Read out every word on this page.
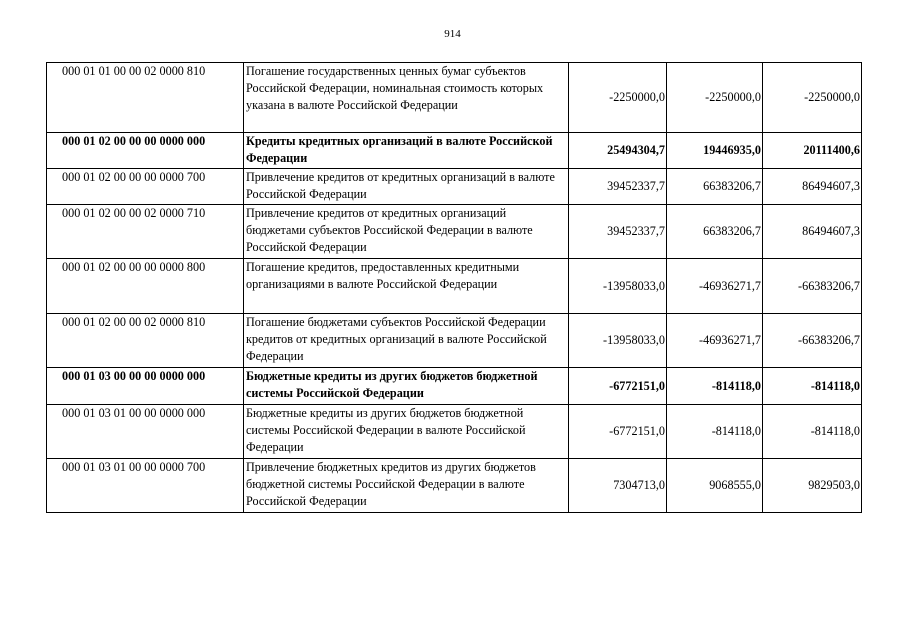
914
000 01 01 00 00 02 0000 810	Погашение государственных ценных бумаг субъектов Российской Федерации, номинальная стоимость которых указана в валюте Российской Федерации	-2250000,0	-2250000,0	-2250000,0
000 01 02 00 00 00 0000 000	Кредиты кредитных организаций в валюте Российской Федерации	25494304,7	19446935,0	20111400,6
000 01 02 00 00 00 0000 700	Привлечение кредитов от кредитных организаций в валюте Российской Федерации	39452337,7	66383206,7	86494607,3
000 01 02 00 00 02 0000 710	Привлечение кредитов от кредитных организаций бюджетами субъектов Российской Федерации в валюте Российской Федерации	39452337,7	66383206,7	86494607,3
000 01 02 00 00 00 0000 800	Погашение кредитов, предоставленных кредитными организациями в валюте Российской Федерации	-13958033,0	-46936271,7	-66383206,7
000 01 02 00 00 02 0000 810	Погашение бюджетами субъектов Российской Федерации кредитов от кредитных организаций в валюте Российской Федерации	-13958033,0	-46936271,7	-66383206,7
000 01 03 00 00 00 0000 000	Бюджетные кредиты из других бюджетов бюджетной системы Российской Федерации	-6772151,0	-814118,0	-814118,0
000 01 03 01 00 00 0000 000	Бюджетные кредиты из других бюджетов бюджетной системы Российской Федерации в валюте Российской Федерации	-6772151,0	-814118,0	-814118,0
000 01 03 01 00 00 0000 700	Привлечение бюджетных кредитов из других бюджетов бюджетной системы Российской Федерации в валюте Российской Федерации	7304713,0	9068555,0	9829503,0
